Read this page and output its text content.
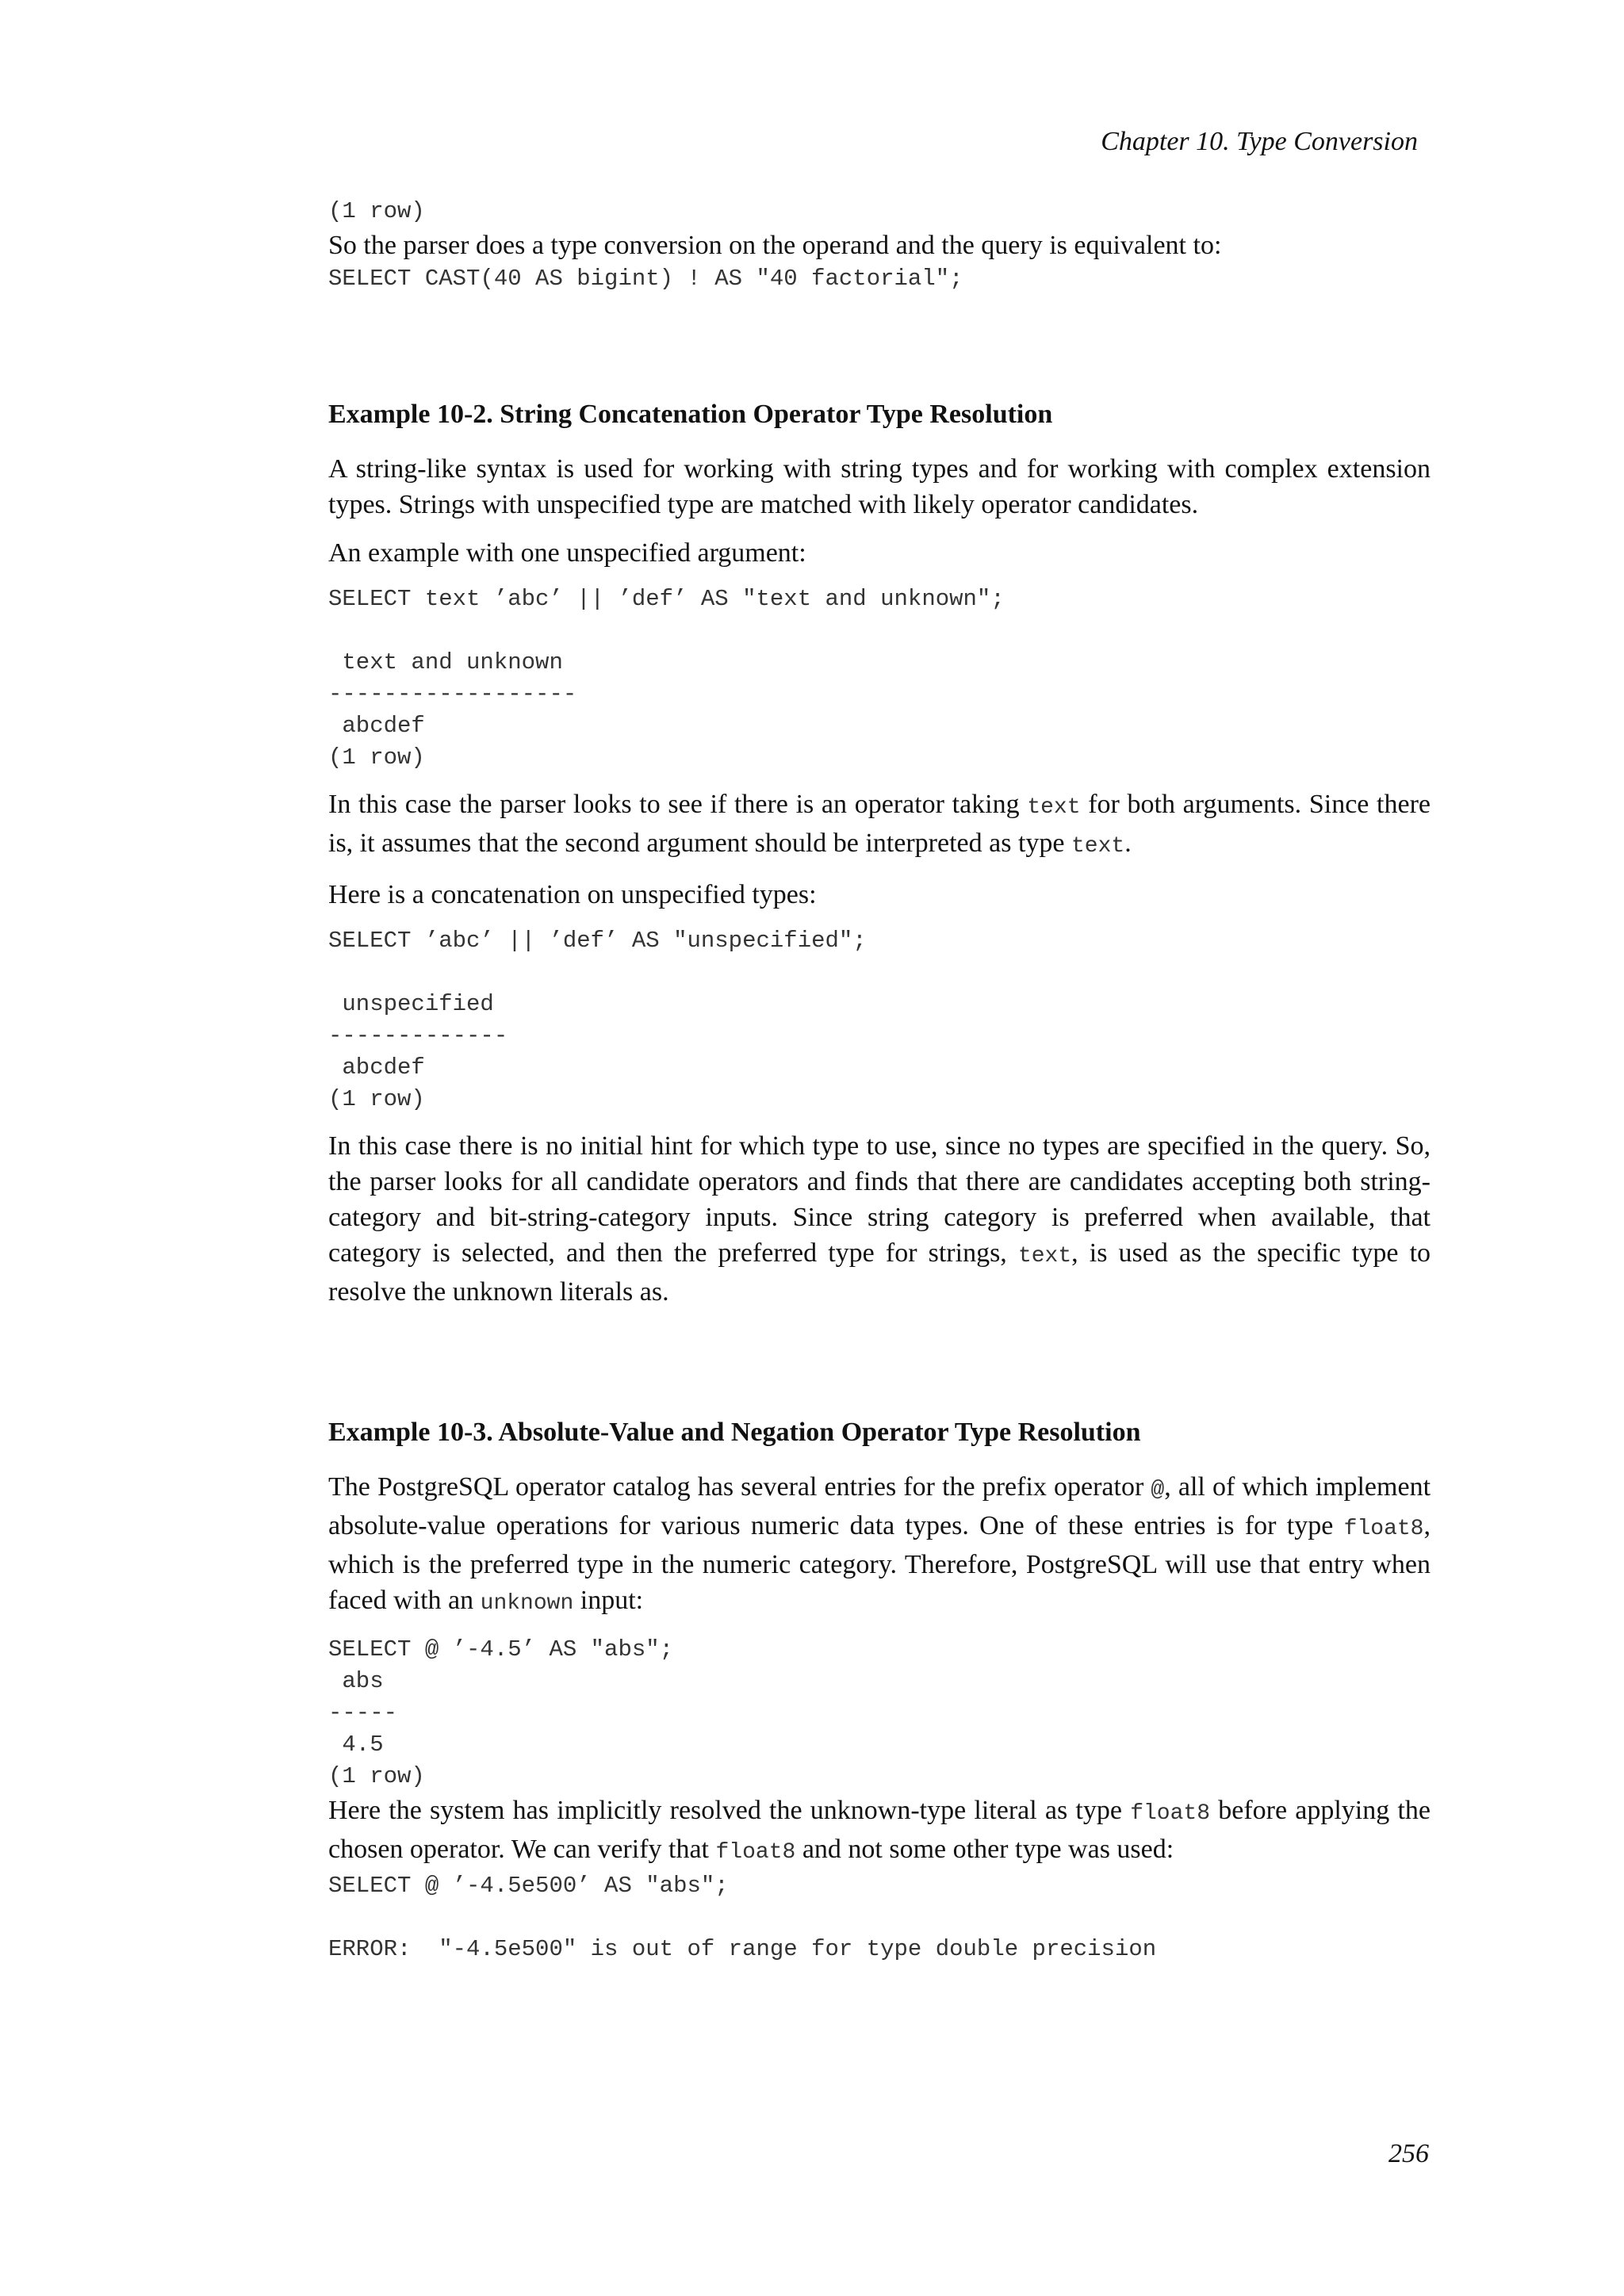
Chapter 10. Type Conversion
(1 row)

So the parser does a type conversion on the operand and the query is equivalent to:

SELECT CAST(40 AS bigint) ! AS "40 factorial";

Example 10-2. String Concatenation Operator Type Resolution

A string-like syntax is used for working with string types and for working with complex extension types. Strings with unspecified type are matched with likely operator candidates.

An example with one unspecified argument:

SELECT text ’abc’ || ’def’ AS "text and unknown";

text and unknown
------------------
abcdef
(1 row)

In this case the parser looks to see if there is an operator taking text for both arguments. Since there is, it assumes that the second argument should be interpreted as type text.

Here is a concatenation on unspecified types:

SELECT ’abc’ || ’def’ AS "unspecified";

unspecified
-------------
abcdef
(1 row)

In this case there is no initial hint for which type to use, since no types are specified in the query. So, the parser looks for all candidate operators and finds that there are candidates accepting both string-category and bit-string-category inputs. Since string category is preferred when available, that category is selected, and then the preferred type for strings, text, is used as the specific type to resolve the unknown literals as.

Example 10-3. Absolute-Value and Negation Operator Type Resolution

The PostgreSQL operator catalog has several entries for the prefix operator @, all of which implement absolute-value operations for various numeric data types. One of these entries is for type float8, which is the preferred type in the numeric category. Therefore, PostgreSQL will use that entry when faced with an unknown input:

SELECT @ ’-4.5’ AS "abs";
abs
-----
4.5
(1 row)

Here the system has implicitly resolved the unknown-type literal as type float8 before applying the chosen operator. We can verify that float8 and not some other type was used:

SELECT @ ’-4.5e500’ AS "abs";

ERROR:  "-4.5e500" is out of range for type double precision
256
